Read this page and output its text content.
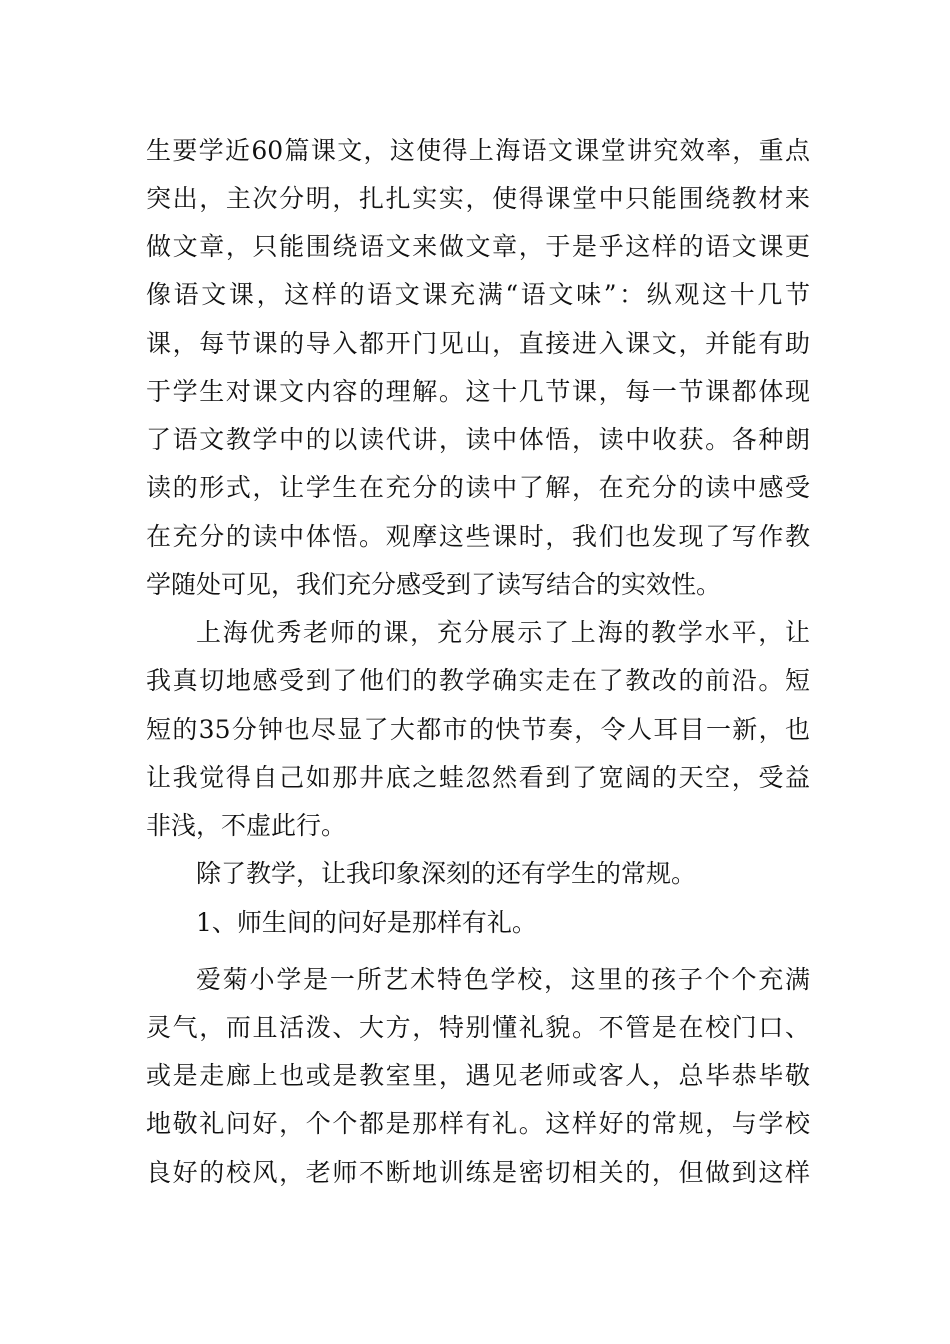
生要学近60篇课文，这使得上海语文课堂讲究效率，重点
突出，主次分明，扎扎实实，使得课堂中只能围绕教材来
做文章，只能围绕语文来做文章，于是乎这样的语文课更
像语文课，这样的语文课充满“语文味”：纵观这十几节
课，每节课的导入都开门见山，直接进入课文，并能有助
于学生对课文内容的理解。这十几节课，每一节课都体现
了语文教学中的以读代讲，读中体悟，读中收获。各种朗
读的形式，让学生在充分的读中了解，在充分的读中感受
在充分的读中体悟。观摩这些课时，我们也发现了写作教
学随处可见，我们充分感受到了读写结合的实效性。
上海优秀老师的课，充分展示了上海的教学水平，让
我真切地感受到了他们的教学确实走在了教改的前沿。短
短的35分钟也尽显了大都市的快节奏，令人耳目一新，也
让我觉得自己如那井底之蛙忽然看到了宽阔的天空，受益
非浅，不虚此行。
除了教学，让我印象深刻的还有学生的常规。
1、师生间的问好是那样有礼。
爱菊小学是一所艺术特色学校，这里的孩子个个充满
灵气，而且活泼、大方，特别懂礼貌。不管是在校门口、
或是走廊上也或是教室里，遇见老师或客人，总毕恭毕敬
地敬礼问好，个个都是那样有礼。这样好的常规，与学校
良好的校风，老师不断地训练是密切相关的，但做到这样
